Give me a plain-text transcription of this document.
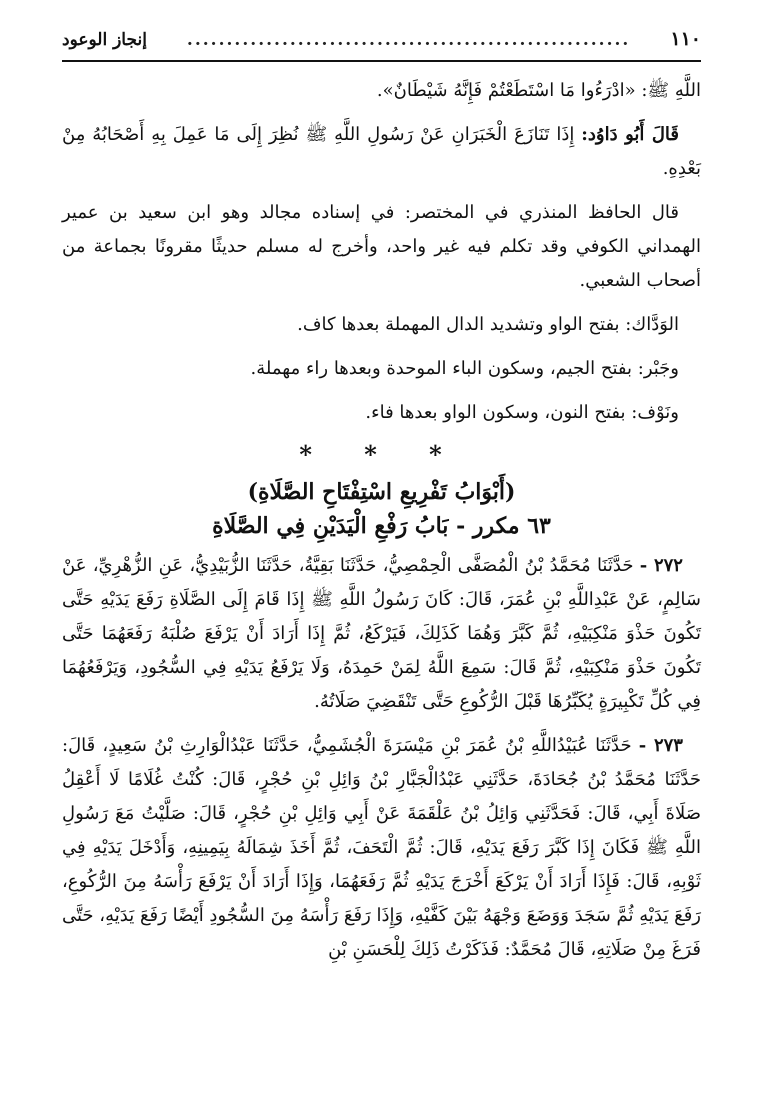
١١٠
........................................................
إنجاز الوعود

اللَّهِ ﷺ: «ادْرَءُوا مَا اسْتَطَعْتُمْ فَإِنَّهُ شَيْطَانٌ».

قَالَ أَبُو دَاوُد: إِذَا تَنَازَعَ الْخَبَرَانِ عَنْ رَسُولِ اللَّهِ ﷺ نُظِرَ إِلَى مَا عَمِلَ بِهِ أَصْحَابُهُ مِنْ بَعْدِهِ.

قال الحافظ المنذري في المختصر: في إسناده مجالد وهو ابن سعيد بن عمير الهمداني الكوفي وقد تكلم فيه غير واحد، وأخرج له مسلم حديثًا مقرونًا بجماعة من أصحاب الشعبي.

الوَدَّاك: بفتح الواو وتشديد الدال المهملة بعدها كاف.

وجَبْر: بفتح الجيم، وسكون الباء الموحدة وبعدها راء مهملة.

ونَوْف: بفتح النون، وسكون الواو بعدها فاء.

* * *
(أَبْوَابُ تَفْرِيعِ اسْتِفْتَاحِ الصَّلَاةِ)
٦٣ مكرر - بَابُ رَفْعِ الْيَدَيْنِ فِي الصَّلَاةِ

٢٧٢ - حَدَّثَنَا مُحَمَّدُ بْنُ الْمُصَفَّى الْحِمْصِيُّ، حَدَّثَنَا بَقِيَّةُ، حَدَّثَنَا الزُّبَيْدِيُّ، عَنِ الزُّهْرِيِّ، عَنْ سَالِمٍ، عَنْ عَبْدِاللَّهِ بْنِ عُمَرَ، قَالَ: كَانَ رَسُولُ اللَّهِ ﷺ إِذَا قَامَ إِلَى الصَّلَاةِ رَفَعَ يَدَيْهِ حَتَّى تَكُونَ حَذْوَ مَنْكِبَيْهِ، ثُمَّ كَبَّرَ وَهُمَا كَذَلِكَ، فَيَرْكَعُ، ثُمَّ إِذَا أَرَادَ أَنْ يَرْفَعَ صُلْبَهُ رَفَعَهُمَا حَتَّى تَكُونَ حَذْوَ مَنْكِبَيْهِ، ثُمَّ قَالَ: سَمِعَ اللَّهُ لِمَنْ حَمِدَهُ، وَلَا يَرْفَعُ يَدَيْهِ فِي السُّجُودِ، وَيَرْفَعُهُمَا فِي كُلِّ تَكْبِيرَةٍ يُكَبِّرُهَا قَبْلَ الرُّكُوعِ حَتَّى تَنْقَضِيَ صَلَاتُهُ.

٢٧٣ - حَدَّثَنَا عُبَيْدُاللَّهِ بْنُ عُمَرَ بْنِ مَيْسَرَةَ الْجُشَمِيُّ، حَدَّثَنَا عَبْدُالْوَارِثِ بْنُ سَعِيدٍ، قَالَ: حَدَّثَنَا مُحَمَّدُ بْنُ جُحَادَةَ، حَدَّثَنِي عَبْدُالْجَبَّارِ بْنُ وَائِلِ بْنِ حُجْرٍ، قَالَ: كُنْتُ غُلَامًا لَا أَعْقِلُ صَلَاةَ أَبِي، قَالَ: فَحَدَّثَنِي وَائِلُ بْنُ عَلْقَمَةَ عَنْ أَبِي وَائِلِ بْنِ حُجْرٍ، قَالَ: صَلَّيْتُ مَعَ رَسُولِ اللَّهِ ﷺ فَكَانَ إِذَا كَبَّرَ رَفَعَ يَدَيْهِ، قَالَ: ثُمَّ الْتَحَفَ، ثُمَّ أَخَذَ شِمَالَهُ بِيَمِينِهِ، وَأَدْخَلَ يَدَيْهِ فِي ثَوْبِهِ، قَالَ: فَإِذَا أَرَادَ أَنْ يَرْكَعَ أَخْرَجَ يَدَيْهِ ثُمَّ رَفَعَهُمَا، وَإِذَا أَرَادَ أَنْ يَرْفَعَ رَأْسَهُ مِنَ الرُّكُوعِ، رَفَعَ يَدَيْهِ ثُمَّ سَجَدَ وَوَضَعَ وَجْهَهُ بَيْنَ كَفَّيْهِ، وَإِذَا رَفَعَ رَأْسَهُ مِنَ السُّجُودِ أَيْضًا رَفَعَ يَدَيْهِ، حَتَّى فَرَغَ مِنْ صَلَاتِهِ، قَالَ مُحَمَّدٌ: فَذَكَرْتُ ذَلِكَ لِلْحَسَنِ بْنِ
